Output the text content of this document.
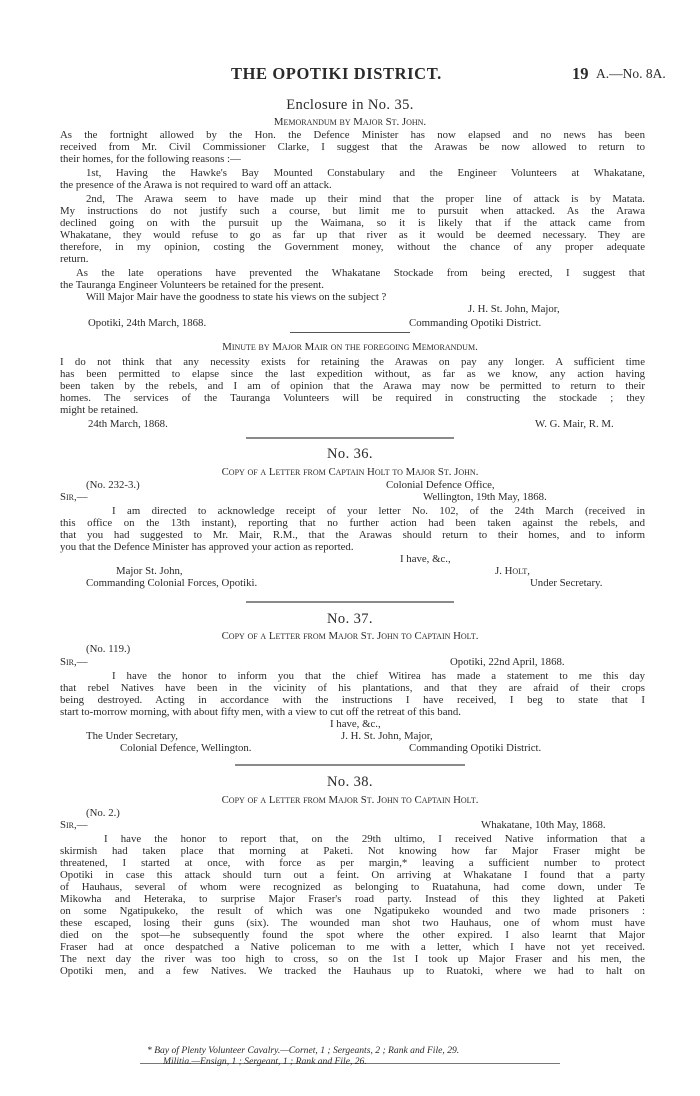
THE OPOTIKI DISTRICT.	19 A.—No. 8A.
Enclosure in No. 35.
Memorandum by Major St. John.
As the fortnight allowed by the Hon. the Defence Minister has now elapsed and no news has been
received from Mr. Civil Commissioner Clarke, I suggest that the Arawas be now allowed to return to
their homes, for the following reasons :—
1st, Having the Hawke's Bay Mounted Constabulary and the Engineer Volunteers at Whakatane,
the presence of the Arawa is not required to ward off an attack.
2nd, The Arawa seem to have made up their mind that the proper line of attack is by Matata.
My instructions do not justify such a course, but limit me to pursuit when attacked. As the Arawa
declined going on with the pursuit up the Waimana, so it is likely that if the attack came from
Whakatane, they would refuse to go as far up that river as it would be deemed necessary. They are
therefore, in my opinion, costing the Government money, without the chance of any proper adequate
return.
As the late operations have prevented the Whakatane Stockade from being erected, I suggest that
the Tauranga Engineer Volunteers be retained for the present.
Will Major Mair have the goodness to state his views on the subject ?
J. H. St. John, Major,
Opotiki, 24th March, 1868.	Commanding Opotiki District.
Minute by Major Mair on the foregoing Memorandum.
I do not think that any necessity exists for retaining the Arawas on pay any longer. A sufficient time
has been permitted to elapse since the last expedition without, as far as we know, any action having
been taken by the rebels, and I am of opinion that the Arawa may now be permitted to return to their
homes. The services of the Tauranga Volunteers will be required in constructing the stockade ; they
might be retained.
24th March, 1868.	W. G. Mair, R. M.
No. 36.
Copy of a Letter from Captain Holt to Major St. John.
(No. 232-3.)	Colonial Defence Office,
Sir,—	Wellington, 19th May, 1868.
I am directed to acknowledge receipt of your letter No. 102, of the 24th March (received in
this office on the 13th instant), reporting that no further action had been taken against the rebels, and
that you had suggested to Mr. Mair, R.M., that the Arawas should return to their homes, and to inform
you that the Defence Minister has approved your action as reported.
I have, &c.,
Major St. John,	J. Holt,
Commanding Colonial Forces, Opotiki.	Under Secretary.
No. 37.
Copy of a Letter from Major St. John to Captain Holt.
(No. 119.)
Sir,—	Opotiki, 22nd April, 1868.
I have the honor to inform you that the chief Witirea has made a statement to me this day
that rebel Natives have been in the vicinity of his plantations, and that they are afraid of their crops
being destroyed. Acting in accordance with the instructions I have received, I beg to state that I
start to-morrow morning, with about fifty men, with a view to cut off the retreat of this band.
I have, &c.,
The Under Secretary,	J. H. St. John, Major,
Colonial Defence, Wellington.	Commanding Opotiki District.
No. 38.
Copy of a Letter from Major St. John to Captain Holt.
(No. 2.)
Sir,—	Whakatane, 10th May, 1868.
I have the honor to report that, on the 29th ultimo, I received Native information that a
skirmish had taken place that morning at Paketi. Not knowing how far Major Fraser might be
threatened, I started at once, with force as per margin,* leaving a sufficient number to protect
Opotiki in case this attack should turn out a feint. On arriving at Whakatane I found that a party
of Hauhaus, several of whom were recognized as belonging to Ruatahuna, had come down, under Te
Mikowha and Heteraka, to surprise Major Fraser's road party. Instead of this they lighted at Paketi
on some Ngatipukeko, the result of which was one Ngatipukeko wounded and two made prisoners :
these escaped, losing their guns (six). The wounded man shot two Hauhaus, one of whom must have
died on the spot—he subsequently found the spot where the other expired. I also learnt that Major
Fraser had at once despatched a Native policeman to me with a letter, which I have not yet received.
The next day the river was too high to cross, so on the 1st I took up Major Fraser and his men, the
Opotiki men, and a few Natives. We tracked the Hauhaus up to Ruatoki, where we had to halt on
* Bay of Plenty Volunteer Cavalry.—Cornet, 1 ; Sergeants, 2 ; Rank and File, 29.
Militia.—Ensign, 1 ; Sergeant, 1 ; Rank and File, 26.
